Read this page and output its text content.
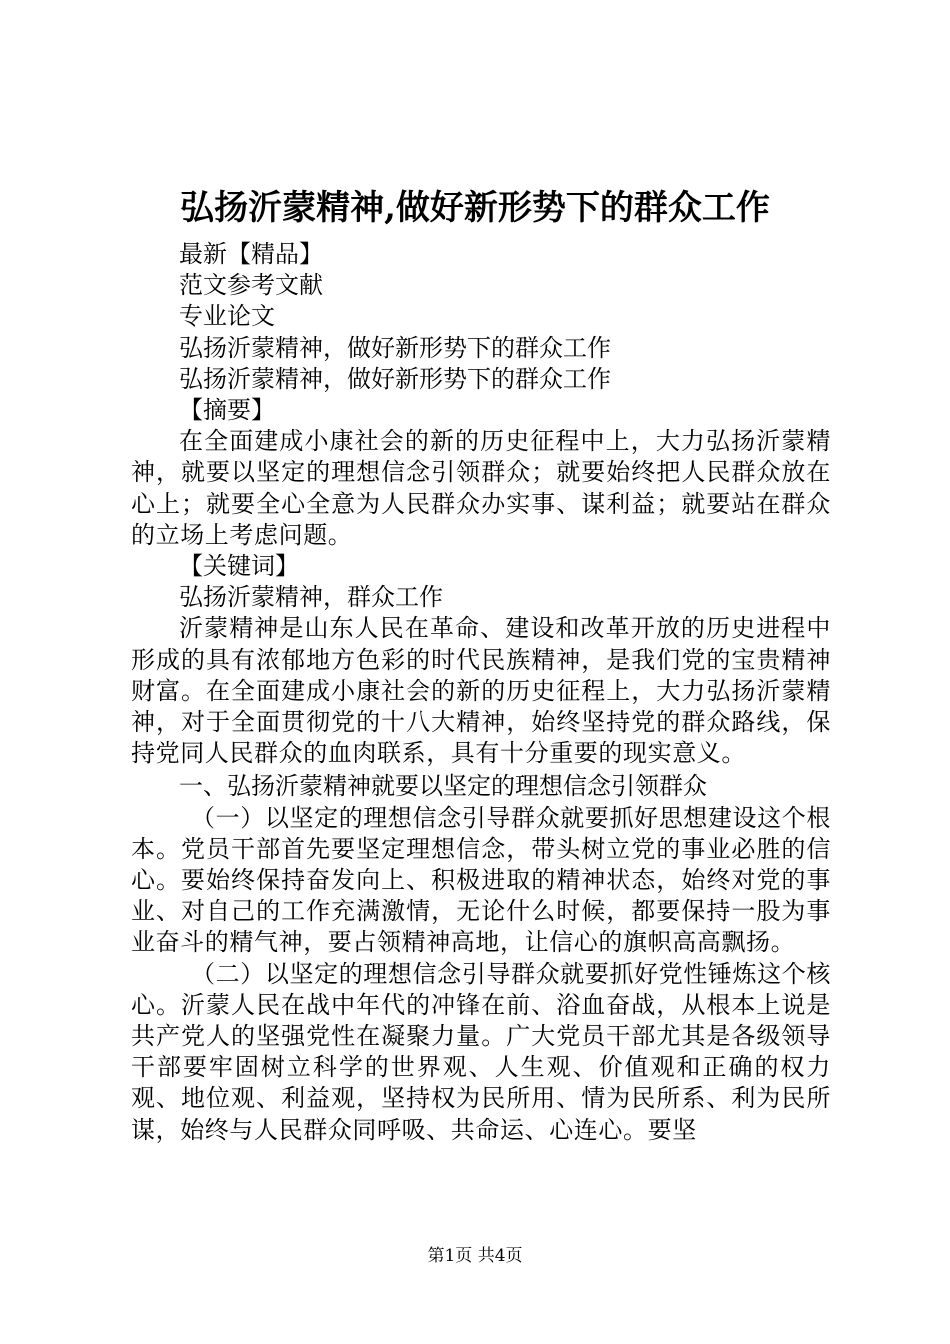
弘扬沂蒙精神,做好新形势下的群众工作
最新【精品】
范文参考文献
专业论文
弘扬沂蒙精神，做好新形势下的群众工作
弘扬沂蒙精神，做好新形势下的群众工作
【摘要】

在全面建成小康社会的新的历史征程中上，大力弘扬沂蒙精神，就要以坚定的理想信念引领群众；就要始终把人民群众放在心上；就要全心全意为人民群众办实事、谋利益；就要站在群众的立场上考虑问题。

【关键词】
弘扬沂蒙精神，群众工作

沂蒙精神是山东人民在革命、建设和改革开放的历史进程中形成的具有浓郁地方色彩的时代民族精神，是我们党的宝贵精神财富。在全面建成小康社会的新的历史征程上，大力弘扬沂蒙精神，对于全面贯彻党的十八大精神，始终坚持党的群众路线，保持党同人民群众的血肉联系，具有十分重要的现实意义。

一、弘扬沂蒙精神就要以坚定的理想信念引领群众

（一）以坚定的理想信念引导群众就要抓好思想建设这个根本。党员干部首先要坚定理想信念，带头树立党的事业必胜的信心。要始终保持奋发向上、积极进取的精神状态，始终对党的事业、对自己的工作充满激情，无论什么时候，都要保持一股为事业奋斗的精气神，要占领精神高地，让信心的旗帜高高飘扬。

（二）以坚定的理想信念引导群众就要抓好党性锤炼这个核心。沂蒙人民在战中年代的冲锋在前、浴血奋战，从根本上说是共产党人的坚强党性在凝聚力量。广大党员干部尤其是各级领导干部要牢固树立科学的世界观、人生观、价值观和正确的权力观、地位观、利益观，坚持权为民所用、情为民所系、利为民所谋，始终与人民群众同呼吸、共命运、心连心。要坚

第1页 共4页
